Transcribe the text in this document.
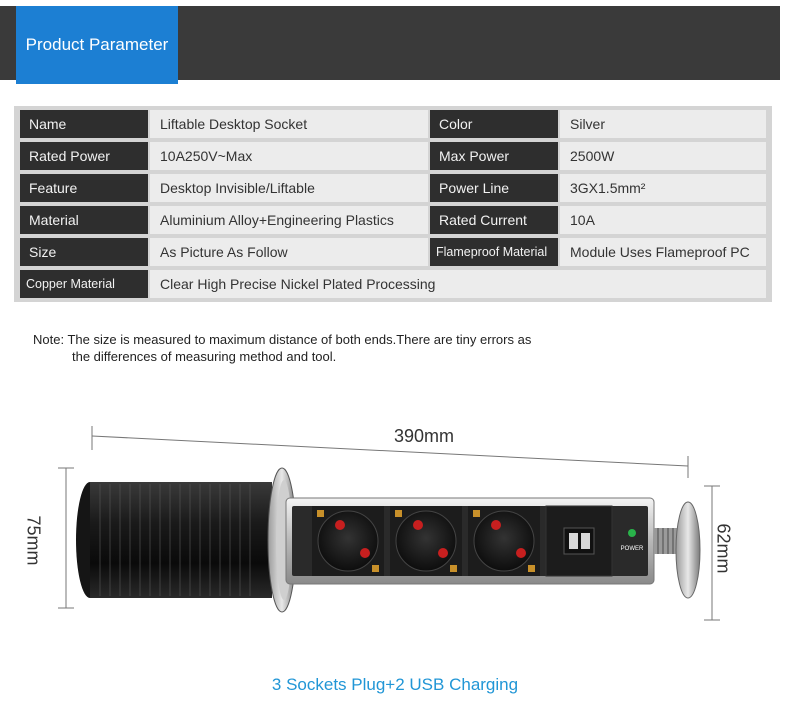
Product Parameter
Name	Liftable Desktop Socket	Color	Silver
Rated Power	10A250V~Max	Max Power	2500W
Feature	Desktop Invisible/Liftable	Power Line	3GX1.5mm²
Material	Aluminium Alloy+Engineering Plastics	Rated Current	10A
Size	As Picture As Follow	Flameproof Material	Module Uses Flameproof PC
Copper Material	Clear High Precise Nickel Plated Processing
Note: The size is measured to maximum distance of both ends.There are tiny errors as
the differences of measuring method and tool.
POWER
390mm
75mm	62mm
3 Sockets Plug+2 USB Charging
